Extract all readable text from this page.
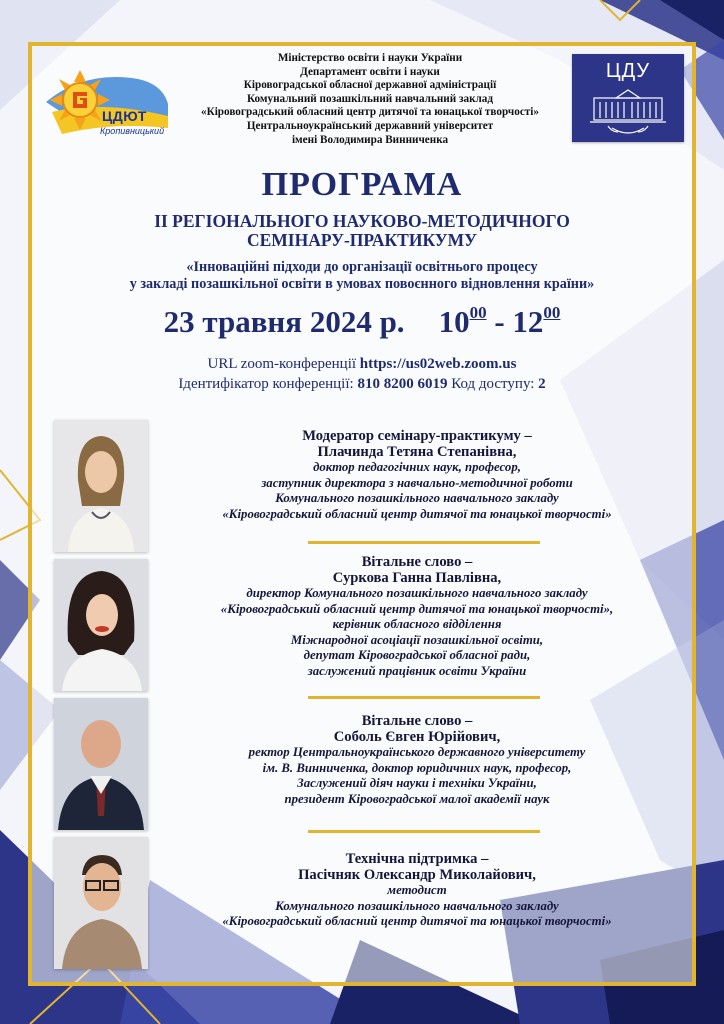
ЦДЮТ
Кропивницький
ЦДУ
Міністерство освіти і науки України
Департамент освіти і науки
Кіровоградської обласної державної адміністрації
Комунальний позашкільний навчальний заклад
«Кіровоградський обласний центр дитячої та юнацької творчості»
Центральноукраїнський державний університет
імені Володимира Винниченка
ПРОГРАМА
ІІ РЕГІОНАЛЬНОГО НАУКОВО-МЕТОДИЧНОГО
СЕМІНАРУ-ПРАКТИКУМУ
«Інноваційні підходи до організації освітнього процесу
у закладі позашкільної освіти в умовах повоєнного відновлення країни»
23 травня 2024 р. $10^{00} - 12^{00}$
URL zoom-конференції https://us02web.zoom.us
Ідентифікатор конференції: 810 8200 6019 Код доступу: 2
Модератор семінару-практикуму –
Плачинда Тетяна Степанівна,
доктор педагогічних наук, професор,
заступник директора з навчально-методичної роботи
Комунального позашкільного навчального закладу
«Кіровоградський обласний центр дитячої та юнацької творчості»
Вітальне слово –
Суркова Ганна Павлівна,
директор Комунального позашкільного навчального закладу
«Кіровоградський обласний центр дитячої та юнацької творчості»,
керівник обласного відділення
Міжнародної асоціації позашкільної освіти,
депутат Кіровоградської обласної ради,
заслужений працівник освіти України
Вітальне слово –
Соболь Євген Юрійович,
ректор Центральноукраїнського державного університету
ім. В. Винниченка, доктор юридичних наук, професор,
Заслужений діяч науки і техніки України,
президент Кіровоградської малої академії наук
Технічна підтримка –
Пасічняк Олександр Миколайович,
методист
Комунального позашкільного навчального закладу
«Кіровоградський обласний центр дитячої та юнацької творчості»
